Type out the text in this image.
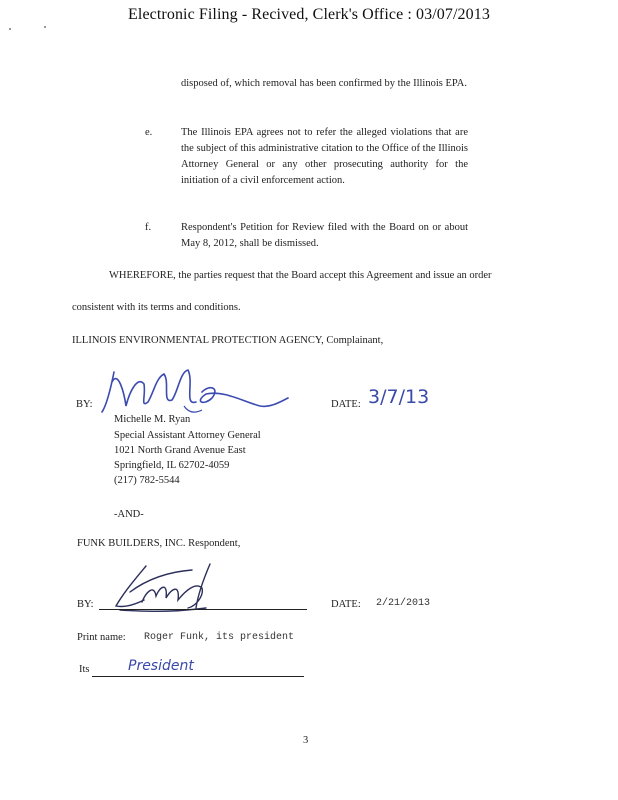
Electronic Filing - Recived, Clerk's Office : 03/07/2013
disposed of, which removal has been confirmed by the Illinois EPA.
e.	The Illinois EPA agrees not to refer the alleged violations that are the subject of this administrative citation to the Office of the Illinois Attorney General or any other prosecuting authority for the initiation of a civil enforcement action.
f.	Respondent's Petition for Review filed with the Board on or about May 8, 2012, shall be dismissed.
WHEREFORE, the parties request that the Board accept this Agreement and issue an order
consistent with its terms and conditions.
ILLINOIS ENVIRONMENTAL PROTECTION AGENCY, Complainant,
BY:	DATE: 3/7/13
Michelle M. Ryan
Special Assistant Attorney General
1021 North Grand Avenue East
Springfield, IL 62702-4059
(217) 782-5544
-AND-
FUNK BUILDERS, INC. Respondent,
BY:	DATE: 2/21/2013
Print name: Roger Funk, its president
Its	President
3
